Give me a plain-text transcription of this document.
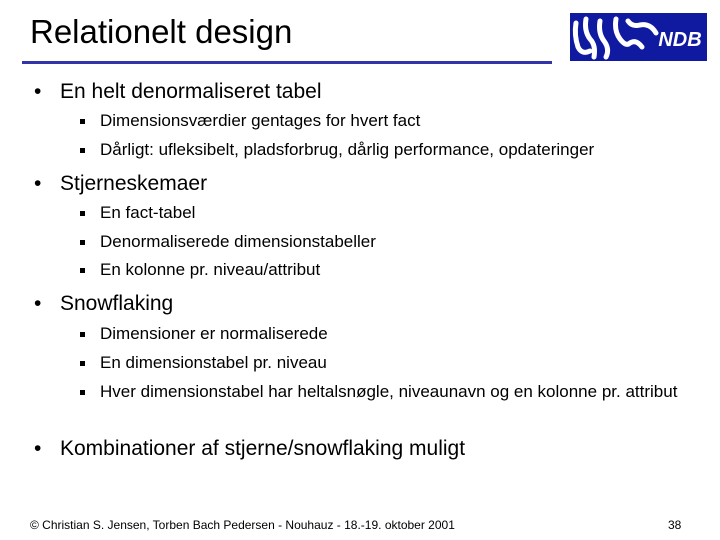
Relationelt design	NDB
• En helt denormaliseret tabel
Dimensionsværdier gentages for hvert fact
Dårligt: ufleksibelt, pladsforbrug, dårlig performance, opdateringer
• Stjerneskemaer
En fact-tabel
Denormaliserede dimensionstabeller
En kolonne pr. niveau/attribut
• Snowflaking
Dimensioner er normaliserede
En dimensionstabel pr. niveau
Hver dimensionstabel har heltalsnøgle, niveaunavn og en kolonne pr. attribut
• Kombinationer af stjerne/snowflaking muligt
© Christian S. Jensen, Torben Bach Pedersen - Nouhauz - 18.-19. oktober 2001	38
